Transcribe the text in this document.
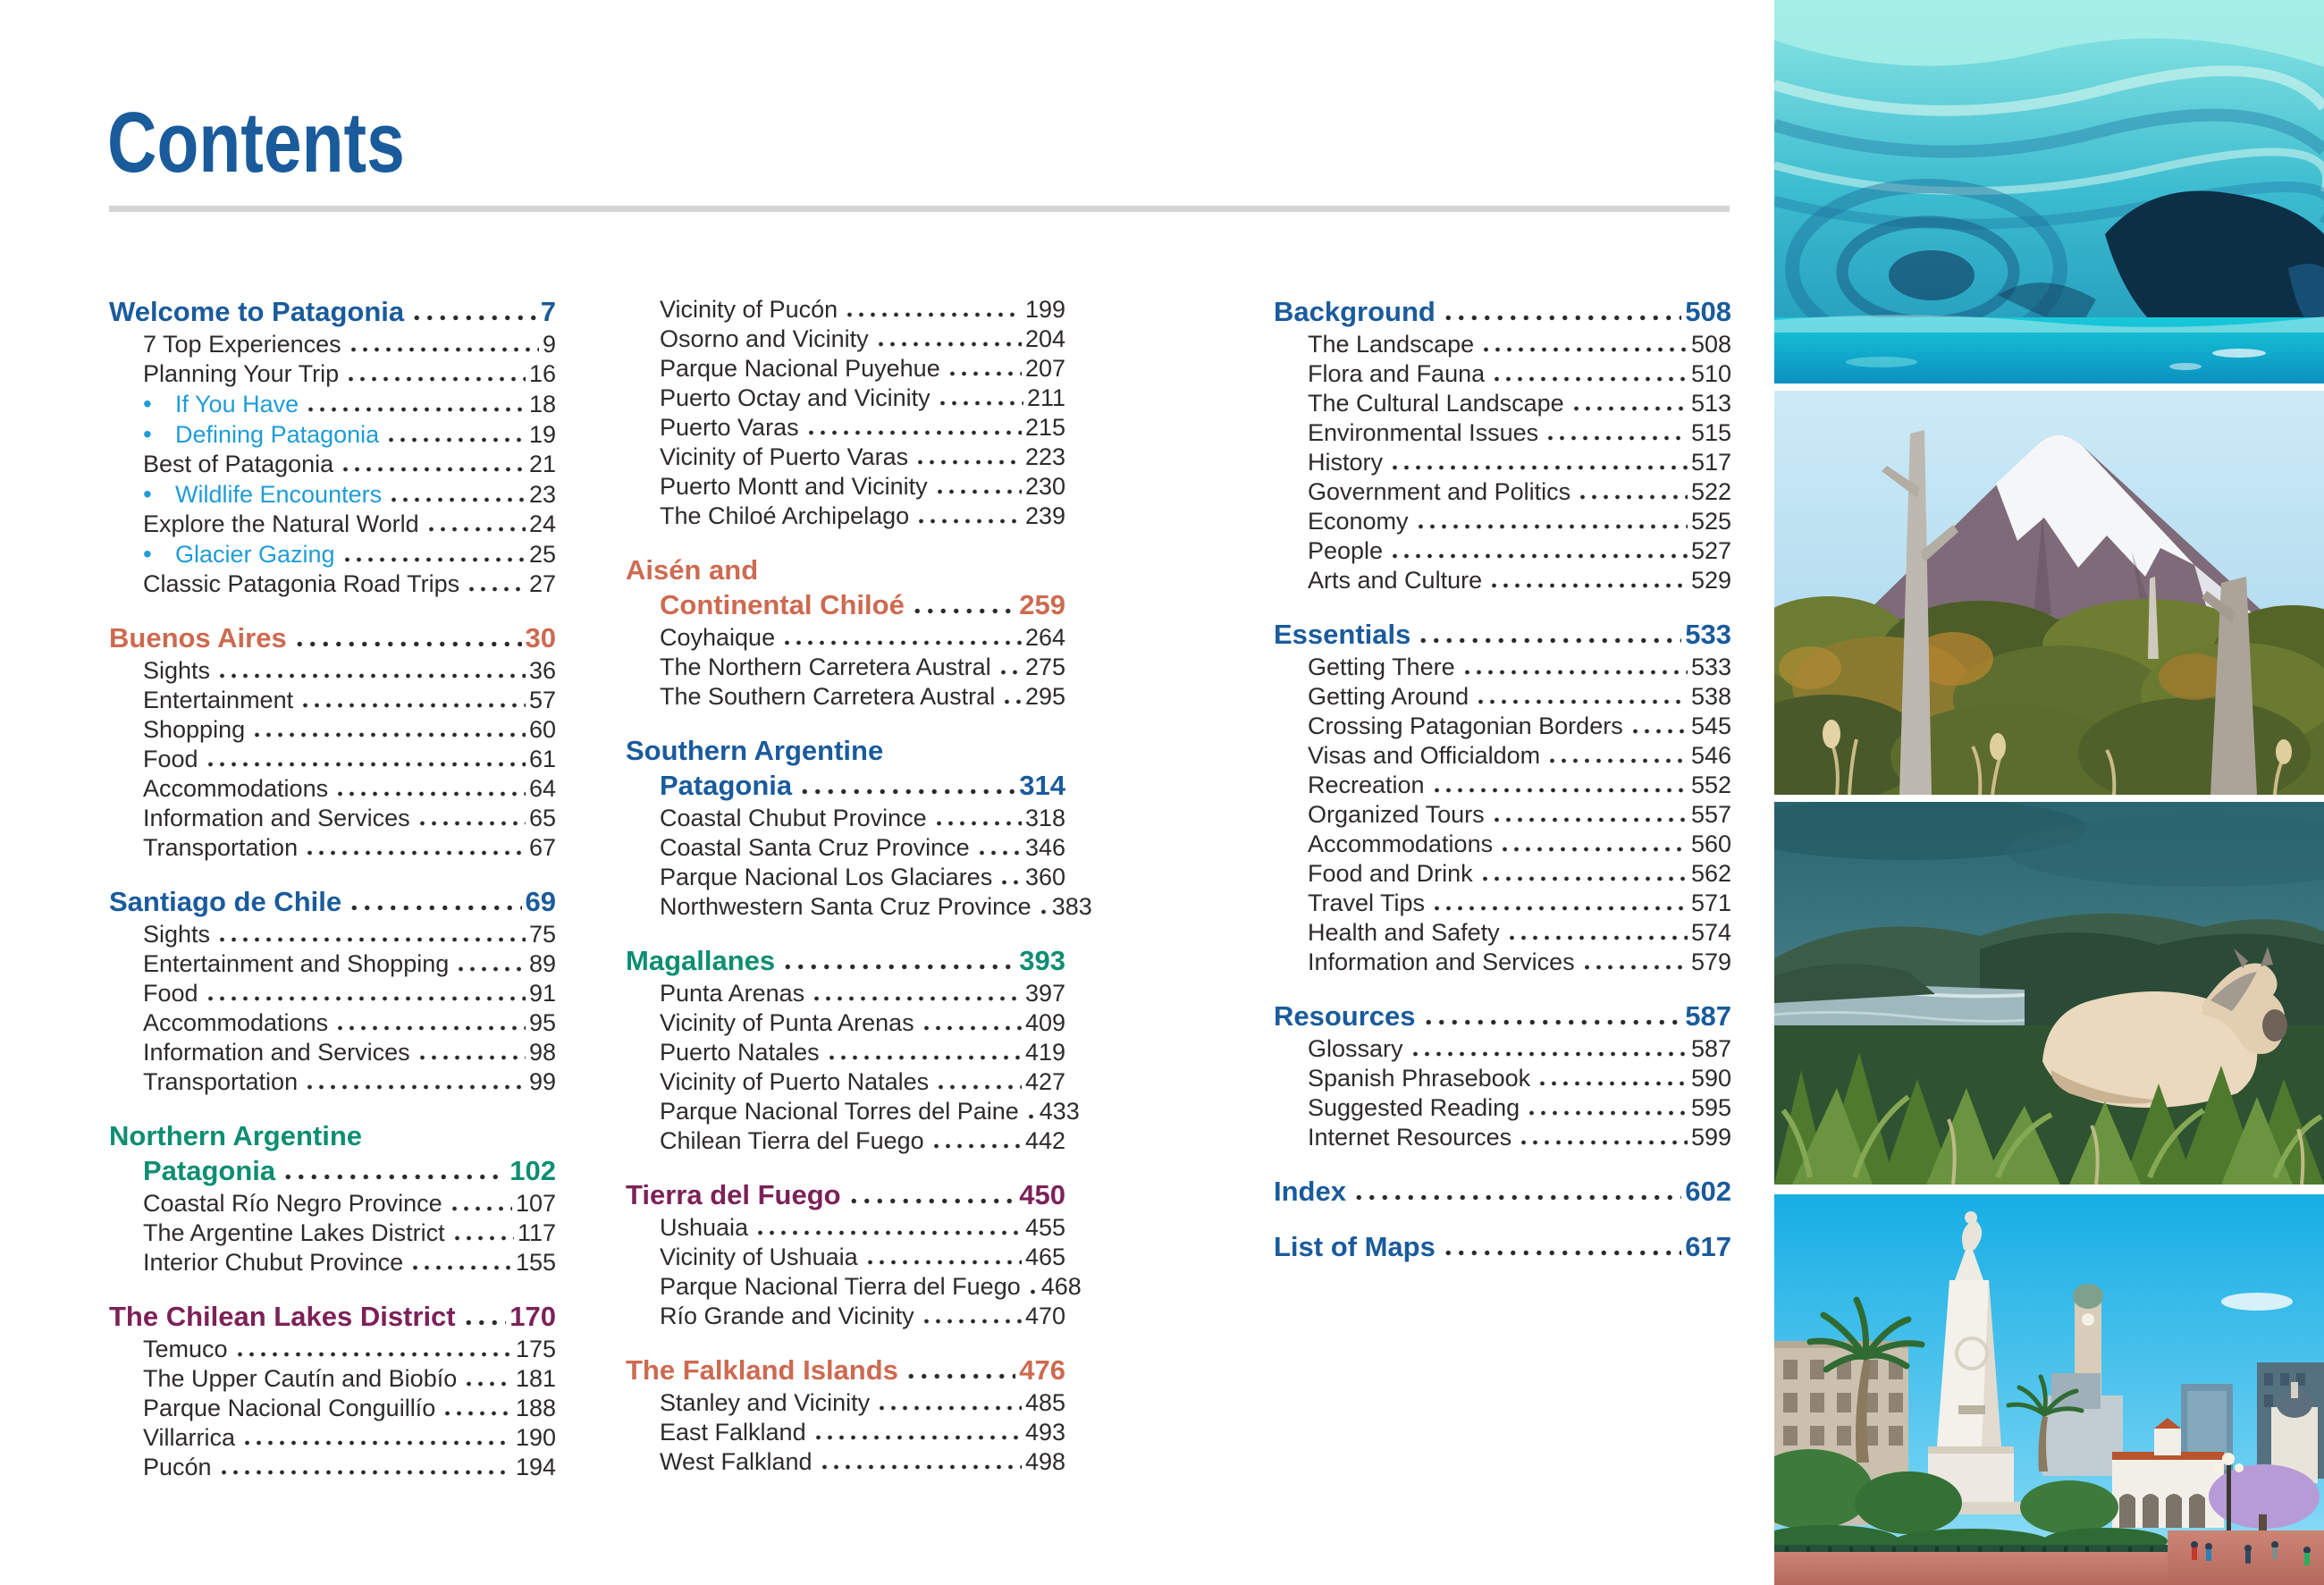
Contents
Welcome to Patagonia	7
7 Top Experiences	9
Planning Your Trip	16
• If You Have	18
• Defining Patagonia	19
Best of Patagonia	21
• Wildlife Encounters	23
Explore the Natural World	24
• Glacier Gazing	25
Classic Patagonia Road Trips	27
Buenos Aires	30
Sights	36
Entertainment	57
Shopping	60
Food	61
Accommodations	64
Information and Services	65
Transportation	67
Santiago de Chile	69
Sights	75
Entertainment and Shopping	89
Food	91
Accommodations	95
Information and Services	98
Transportation	99
Northern Argentine
Patagonia	102
Coastal Río Negro Province	107
The Argentine Lakes District	117
Interior Chubut Province	155
The Chilean Lakes District 170
Temuco	175
The Upper Cautín and Biobío 181
Parque Nacional Conguillío	188
Villarrica	190
Pucón	194
Vicinity of Pucón	199
Osorno and Vicinity	204
Parque Nacional Puyehue	207
Puerto Octay and Vicinity	211
Puerto Varas	215
Vicinity of Puerto Varas	223
Puerto Montt and Vicinity	230
The Chiloé Archipelago	239
Aisén and
Continental Chiloé	259
Coyhaique	264
The Northern Carretera Austral 275
The Southern Carretera Austral 295
Southern Argentine
Patagonia	314
Coastal Chubut Province	318
Coastal Santa Cruz Province 346
Parque Nacional Los Glaciares 360
Northwestern Santa Cruz Province 383
Magallanes	393
Punta Arenas	397
Vicinity of Punta Arenas	409
Puerto Natales	419
Vicinity of Puerto Natales	427
Parque Nacional Torres del Paine 433
Chilean Tierra del Fuego	442
Tierra del Fuego	450
Ushuaia	455
Vicinity of Ushuaia	465
Parque Nacional Tierra del Fuego 468
Río Grande and Vicinity	470
The Falkland Islands	476
Stanley and Vicinity	485
East Falkland	493
West Falkland	498
Background	508
The Landscape	508
Flora and Fauna	510
The Cultural Landscape	513
Environmental Issues	515
History	517
Government and Politics	522
Economy	525
People	527
Arts and Culture	529
Essentials	533
Getting There	533
Getting Around	538
Crossing Patagonian Borders	545
Visas and Officialdom	546
Recreation	552
Organized Tours	557
Accommodations	560
Food and Drink	562
Travel Tips	571
Health and Safety	574
Information and Services	579
Resources	587
Glossary	587
Spanish Phrasebook	590
Suggested Reading	595
Internet Resources	599
Index	602
List of Maps	617
